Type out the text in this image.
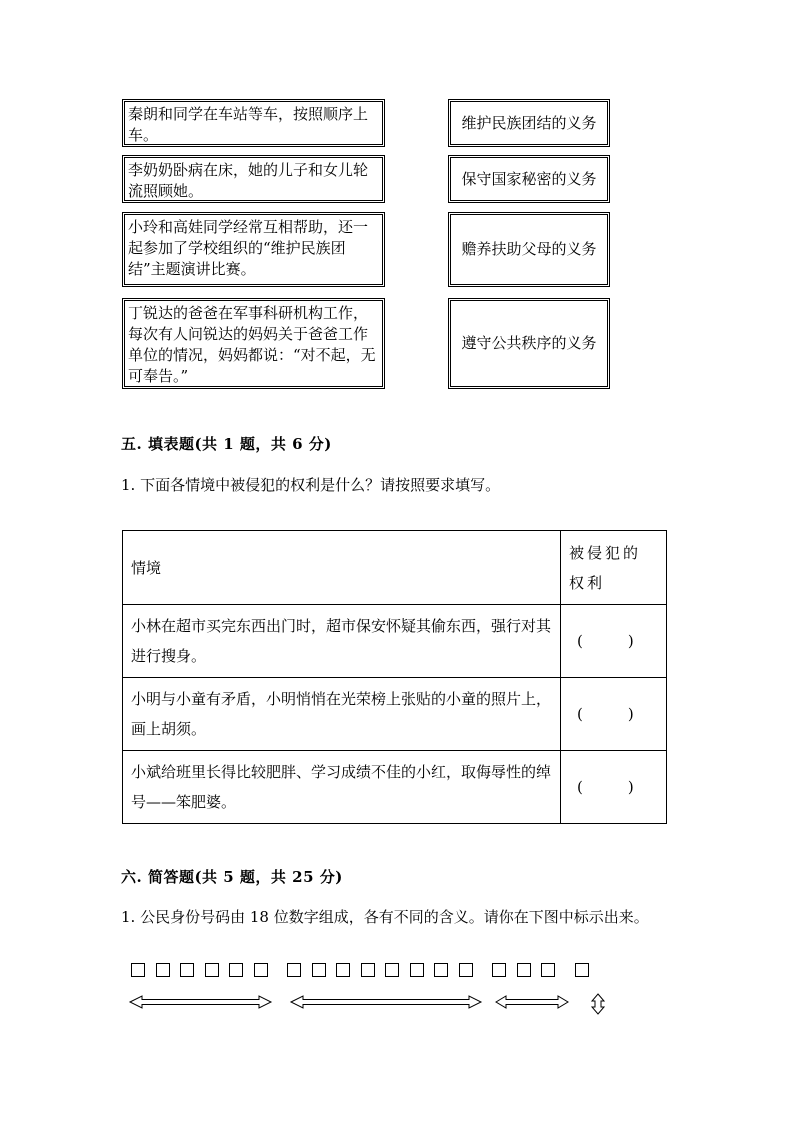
秦朗和同学在车站等车，按照顺序上车。
李奶奶卧病在床，她的儿子和女儿轮流照顾她。
小玲和高娃同学经常互相帮助，还一起参加了学校组织的“维护民族团结”主题演讲比赛。
丁锐达的爸爸在军事科研机构工作，每次有人问锐达的妈妈关于爸爸工作单位的情况，妈妈都说：“对不起，无可奉告。”
维护民族团结的义务
保守国家秘密的义务
赡养扶助父母的义务
遵守公共秩序的义务
五. 填表题(共 1 题，共 6 分)
1. 下面各情境中被侵犯的权利是什么？请按照要求填写。
情境	被侵犯的权利
小林在超市买完东西出门时，超市保安怀疑其偷东西，强行对其进行搜身。	(　　　)
小明与小童有矛盾，小明悄悄在光荣榜上张贴的小童的照片上，画上胡须。	(　　　)
小斌给班里长得比较肥胖、学习成绩不佳的小红，取侮辱性的绰号——笨肥婆。	(　　　)
六. 简答题(共 5 题，共 25 分)
1. 公民身份号码由 18 位数字组成，各有不同的含义。请你在下图中标示出来。
